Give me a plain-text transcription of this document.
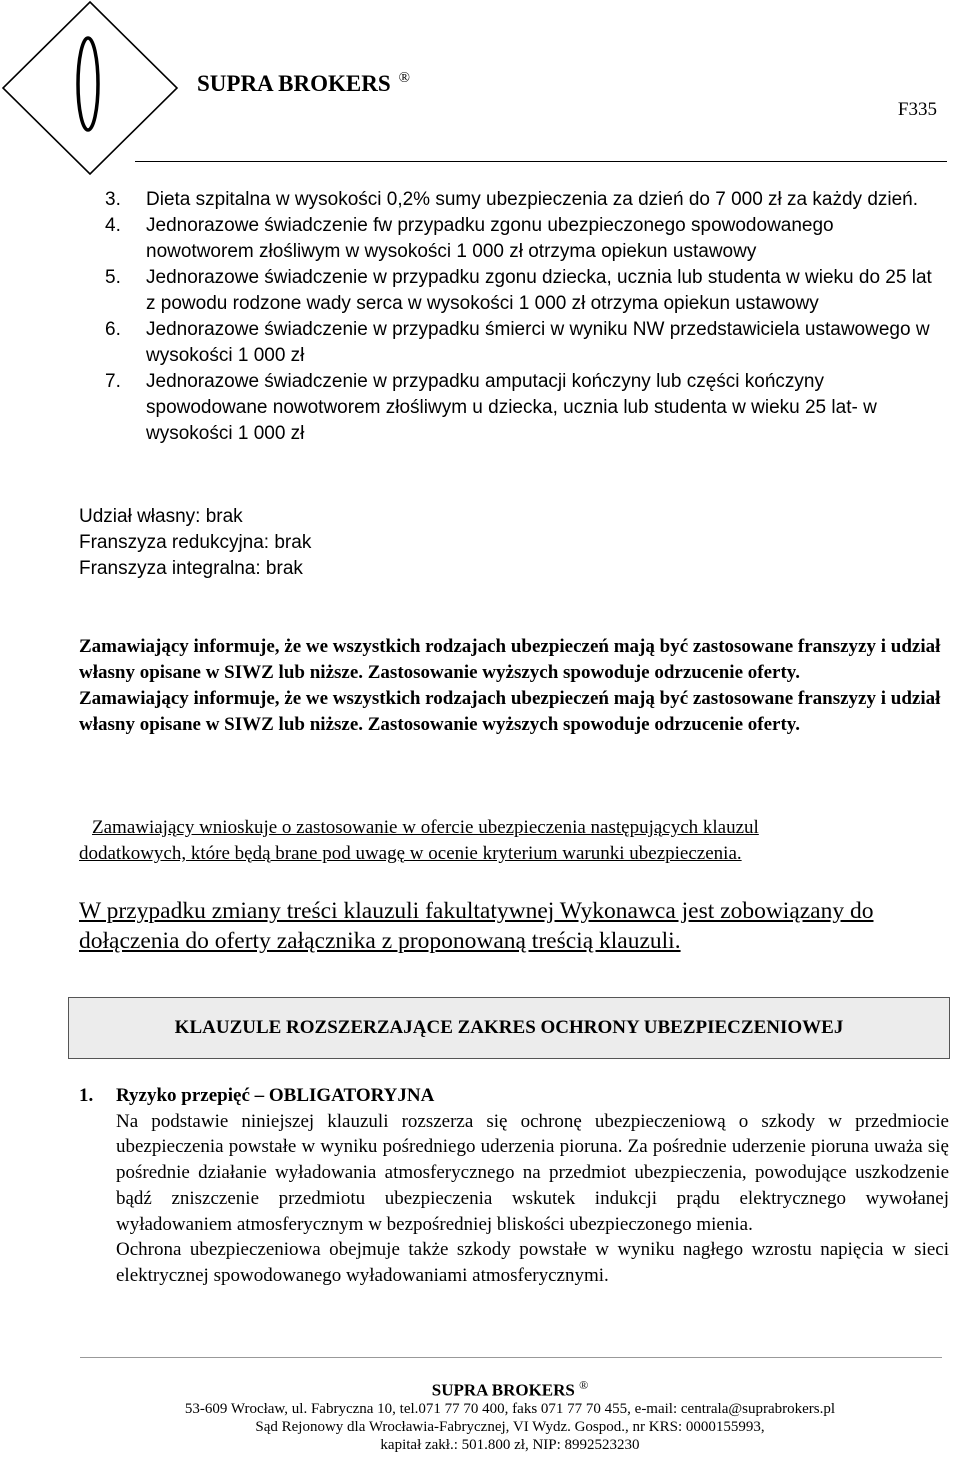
SUPRA BROKERS ®
F335
3. Dieta szpitalna w wysokości 0,2% sumy ubezpieczenia za dzień do 7 000 zł za każdy dzień.
4. Jednorazowe świadczenie fw przypadku zgonu ubezpieczonego spowodowanego nowotworem złośliwym w wysokości 1 000 zł otrzyma opiekun ustawowy
5. Jednorazowe świadczenie w przypadku zgonu dziecka, ucznia lub studenta w wieku do 25 lat z powodu rodzone wady serca w wysokości 1 000 zł otrzyma opiekun ustawowy
6. Jednorazowe świadczenie w przypadku śmierci w wyniku NW przedstawiciela ustawowego w wysokości 1 000 zł
7. Jednorazowe świadczenie w przypadku amputacji kończyny lub części kończyny spowodowane nowotworem złośliwym u dziecka, ucznia lub studenta w wieku 25 lat- w wysokości 1 000 zł
Udział własny: brak
Franszyza redukcyjna: brak
Franszyza integralna: brak

Zamawiający informuje, że we wszystkich rodzajach ubezpieczeń mają być zastosowane franszyzy i udział własny opisane w SIWZ lub niższe. Zastosowanie wyższych spowoduje odrzucenie oferty.

Zamawiający informuje, że we wszystkich rodzajach ubezpieczeń mają być zastosowane franszyzy i udział własny opisane w SIWZ lub niższe. Zastosowanie wyższych spowoduje odrzucenie oferty.

Zamawiający wnioskuje o zastosowanie w ofercie ubezpieczenia następujących klauzul

dodatkowych, które będą brane pod uwagę w ocenie kryterium warunki ubezpieczenia.

W przypadku zmiany treści klauzuli fakultatywnej Wykonawca jest zobowiązany do dołączenia do oferty załącznika z proponowaną treścią klauzuli.
KLAUZULE ROZSZERZAJĄCE ZAKRES OCHRONY UBEZPIECZENIOWEJ
1. Ryzyko przepięć – OBLIGATORYJNA

Na podstawie niniejszej klauzuli rozszerza się ochronę ubezpieczeniową o szkody w przedmiocie ubezpieczenia powstałe w wyniku pośredniego uderzenia pioruna. Za pośrednie uderzenie pioruna uważa się pośrednie działanie wyładowania atmosferycznego na przedmiot ubezpieczenia, powodujące uszkodzenie bądź zniszczenie przedmiotu ubezpieczenia wskutek indukcji prądu elektrycznego wywołanej wyładowaniem atmosferycznym w bezpośredniej bliskości ubezpieczonego mienia.

Ochrona ubezpieczeniowa obejmuje także szkody powstałe w wyniku nagłego wzrostu napięcia w sieci elektrycznej spowodowanego wyładowaniami atmosferycznymi.

SUPRA BROKERS ®
53-609 Wrocław, ul. Fabryczna 10, tel.071 77 70 400, faks 071 77 70 455, e-mail: centrala@suprabrokers.pl
Sąd Rejonowy dla Wrocławia-Fabrycznej, VI Wydz. Gospod., nr KRS: 0000155993,
kapitał zakł.: 501.800 zł, NIP: 8992523230
